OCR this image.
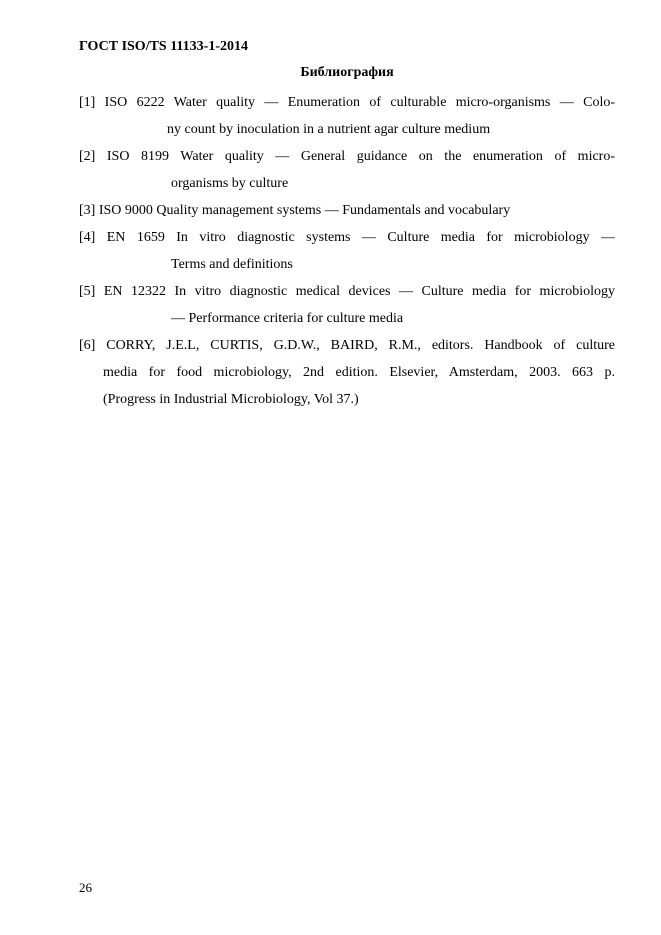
ГОСТ ISO/TS 11133-1-2014
Библиография
[1] ISO 6222 Water quality — Enumeration of culturable micro-organisms — Colo-
ny count by inoculation in a nutrient agar culture medium
[2] ISO 8199 Water quality — General guidance on the enumeration of micro-
organisms by culture
[3] ISO 9000 Quality management systems — Fundamentals and vocabulary
[4] EN 1659 In vitro diagnostic systems — Culture media for microbiology —
Terms and definitions
[5] EN 12322 In vitro diagnostic medical devices — Culture media for microbiology
— Performance criteria for culture media
[6] CORRY, J.E.L, CURTIS, G.D.W., BAIRD, R.M., editors. Handbook of culture
media for food microbiology, 2nd edition. Elsevier, Amsterdam, 2003. 663 p.
(Progress in Industrial Microbiology, Vol 37.)
26
